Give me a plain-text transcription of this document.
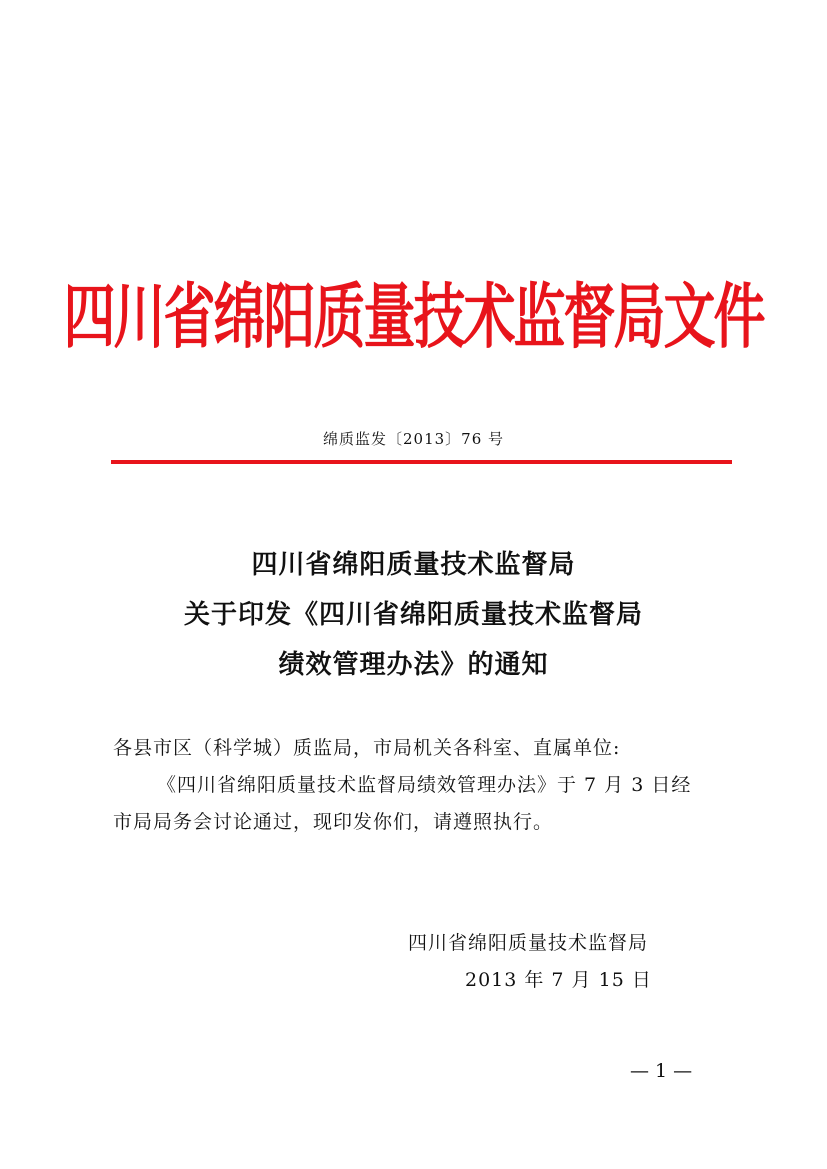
四川省绵阳质量技术监督局文件
绵质监发〔2013〕76 号
四川省绵阳质量技术监督局
关于印发《四川省绵阳质量技术监督局
绩效管理办法》的通知
各县市区（科学城）质监局，市局机关各科室、直属单位:
《四川省绵阳质量技术监督局绩效管理办法》于 7 月 3 日经
市局局务会讨论通过，现印发你们，请遵照执行。
四川省绵阳质量技术监督局
2013 年 7 月 15 日
— 1 —
